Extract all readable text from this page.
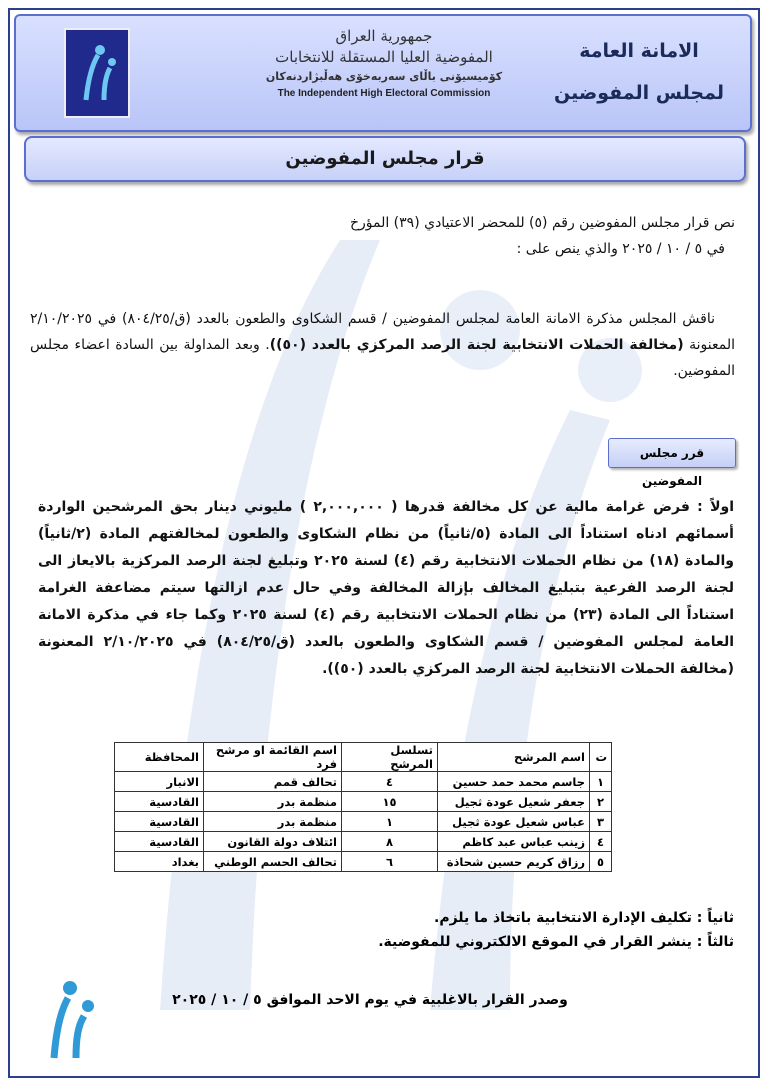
جمهورية العراق
المفوضية العليا المستقلة للانتخابات
كۆمیسیۆنی باڵای سەربەخۆی هەڵبژاردنەکان
The Independent High Electoral Commission
الامانة العامة
لمجلس المفوضين
قرار مجلس المفوضين

نص قرار مجلس المفوضين رقم (٥) للمحضر الاعتيادي (٣٩) المؤرخ

في ٥ / ١٠ / ٢٠٢٥ والذي ينص على :

ناقش المجلس مذكرة الامانة العامة لمجلس المفوضين / قسم الشكاوى والطعون بالعدد (ق/٨٠٤/٢٥) في ٢/١٠/٢٠٢٥ المعنونة (مخالفة الحملات الانتخابية لجنة الرصد المركزي بالعدد (٥٠)). وبعد المداولة بين السادة اعضاء مجلس المفوضين.

قرر مجلس المفوضين

اولاً : فرض غرامة مالية عن كل مخالفة قدرها ( ٢,٠٠٠,٠٠٠ ) مليوني دينار بحق المرشحين الواردة أسمائهم ادناه استناداً الى المادة (٥/ثانياً) من نظام الشكاوى والطعون لمخالفتهم المادة (٢/ثانياً) والمادة (١٨) من نظام الحملات الانتخابية رقم (٤) لسنة ٢٠٢٥ وتبليغ لجنة الرصد المركزية بالايعاز الى لجنة الرصد الفرعية بتبليغ المخالف بإزالة المخالفة وفي حال عدم ازالتها سيتم مضاعفة الغرامة استناداً الى المادة (٢٣) من نظام الحملات الانتخابية رقم (٤) لسنة ٢٠٢٥ وكما جاء في مذكرة الامانة العامة لمجلس المفوضين / قسم الشكاوى والطعون بالعدد (ق/٨٠٤/٢٥) في ٢/١٠/٢٠٢٥ المعنونة (مخالفة الحملات الانتخابية لجنة الرصد المركزي بالعدد (٥٠)).

ت	اسم المرشح	تسلسل المرشح	اسم القائمة او مرشح فرد	المحافظة
١	جاسم محمد حمد حسين	٤	تحالف قمم	الانبار
٢	جعفر شعيل عودة ثجيل	١٥	منظمة بدر	القادسية
٣	عباس شعيل عودة ثجيل	١	منظمة بدر	القادسية
٤	زينب عباس عبد كاظم	٨	ائتلاف دولة القانون	القادسية
٥	رزاق كريم حسين شحاذة	٦	تحالف الحسم الوطني	بغداد

ثانياً : تكليف الإدارة الانتخابية باتخاذ ما يلزم.

ثالثاً : ينشر القرار في الموقع الالكتروني للمفوضية.

وصدر القرار بالاغلبية في يوم الاحد الموافق ٥ / ١٠ / ٢٠٢٥
